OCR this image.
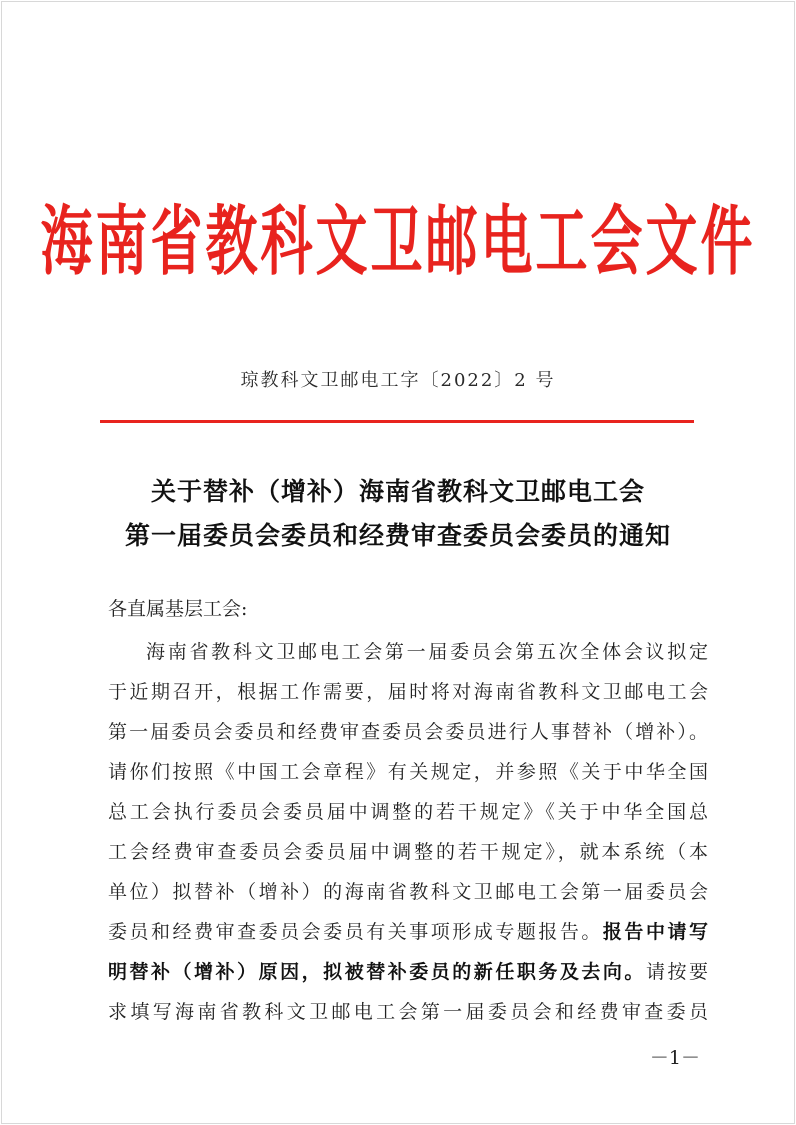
海南省教科文卫邮电工会文件
琼教科文卫邮电工字〔2022〕2 号
关于替补（增补）海南省教科文卫邮电工会
第一届委员会委员和经费审查委员会委员的通知
各直属基层工会:
海南省教科文卫邮电工会第一届委员会第五次全体会议拟定
于近期召开，根据工作需要，届时将对海南省教科文卫邮电工会
第一届委员会委员和经费审查委员会委员进行人事替补（增补）。
请你们按照《中国工会章程》有关规定，并参照《关于中华全国
总工会执行委员会委员届中调整的若干规定》《关于中华全国总
工会经费审查委员会委员届中调整的若干规定》，就本系统（本
单位）拟替补（增补）的海南省教科文卫邮电工会第一届委员会
委员和经费审查委员会委员有关事项形成专题报告。报告中请写
明替补（增补）原因，拟被替补委员的新任职务及去向。请按要
求填写海南省教科文卫邮电工会第一届委员会和经费审查委员
－1－
